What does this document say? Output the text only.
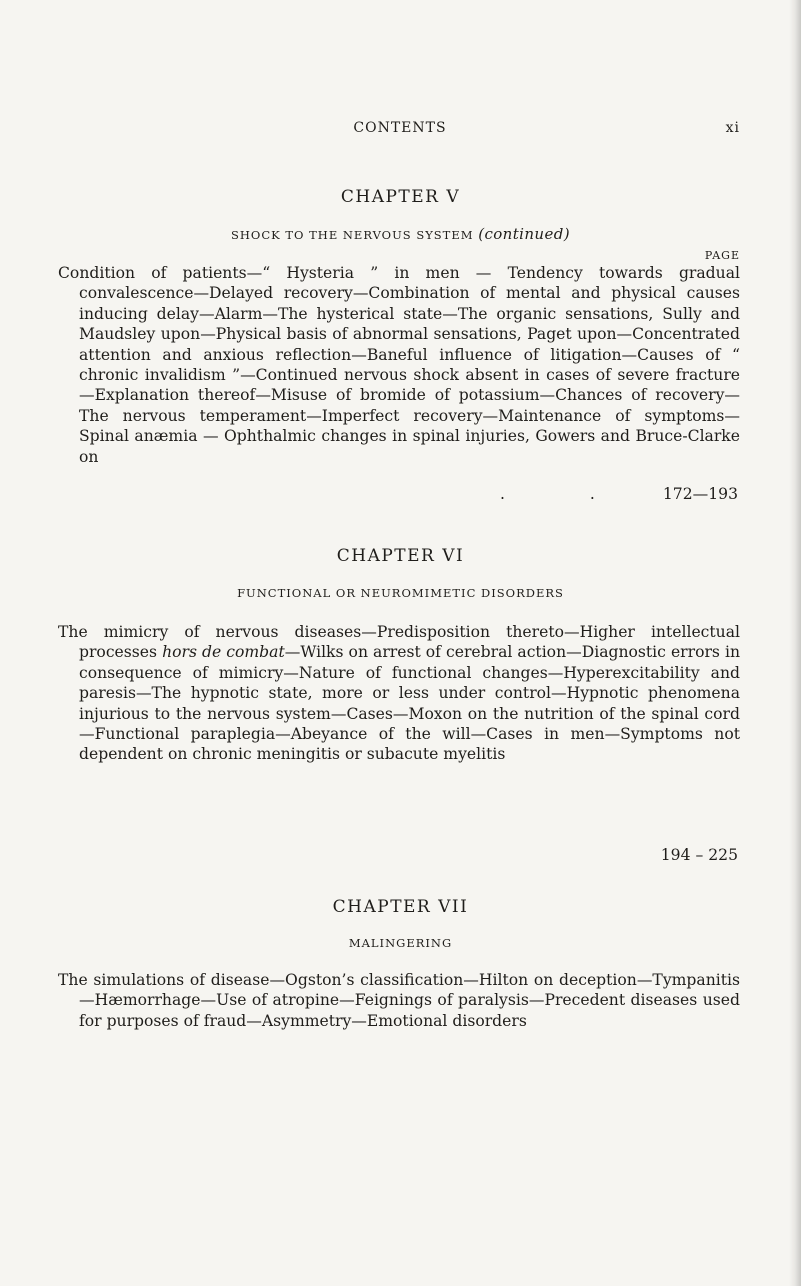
CONTENTS	xi
CHAPTER V
SHOCK TO THE NERVOUS SYSTEM (continued)
PAGE
Condition of patients—“ Hysteria ” in men — Tendency towards gradual convalescence—Delayed recovery—Combination of mental and physical causes inducing delay—Alarm—The hysterical state—The organic sensations, Sully and Maudsley upon—Physical basis of abnormal sensations, Paget upon—Concentrated attention and anxious reflection—Baneful influence of litigation—Causes of “ chronic invalidism ”—Continued nervous shock absent in cases of severe fracture—Explanation thereof—Misuse of bromide of potassium—Chances of recovery—The nervous temperament—Imperfect recovery—Maintenance of symptoms—Spinal anæmia — Ophthalmic changes in spinal injuries, Gowers and Bruce-Clarke on
. . 172—193
CHAPTER VI
FUNCTIONAL OR NEUROMIMETIC DISORDERS
The mimicry of nervous diseases—Predisposition thereto—Higher intellectual processes hors de combat—Wilks on arrest of cerebral action—Diagnostic errors in consequence of mimicry—Nature of functional changes—Hyperexcitability and paresis—The hypnotic state, more or less under control—Hypnotic phenomena injurious to the nervous system—Cases—Moxon on the nutrition of the spinal cord—Functional paraplegia—Abeyance of the will—Cases in men—Symptoms not dependent on chronic meningitis or subacute myelitis
194 – 225
CHAPTER VII
MALINGERING
The simulations of disease—Ogston’s classification—Hilton on deception—Tympanitis—Hæmorrhage—Use of atropine—Feignings of paralysis—Precedent diseases used for purposes of fraud—Asymmetry—Emotional disorders
